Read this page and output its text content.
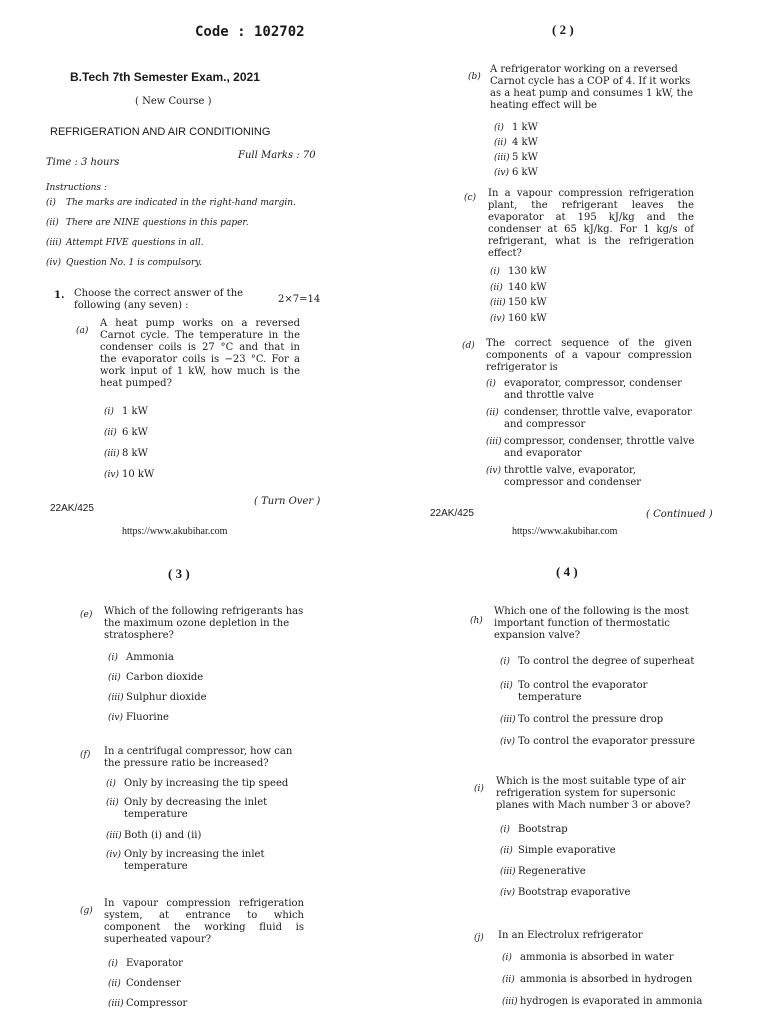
Code : 102702
B.Tech 7th Semester Exam., 2021
( New Course )
REFRIGERATION AND AIR CONDITIONING
Time : 3 hours
Full Marks : 70
Instructions :
(i) The marks are indicated in the right-hand margin.
(ii) There are NINE questions in this paper.
(iii) Attempt FIVE questions in all.
(iv) Question No. 1 is compulsory.
1. Choose the correct answer of the following (any seven) :
2×7=14
(a)
A heat pump works on a reversed Carnot cycle. The temperature in the condenser coils is 27 °C and that in the evaporator coils is −23 °C. For a work input of 1 kW, how much is the heat pumped?
(i) 1 kW
(ii) 6 kW
(iii) 8 kW
(iv) 10 kW
22AK/425
( Turn Over )
https://www.akubihar.com
( 2 )
(b)
A refrigerator working on a reversed Carnot cycle has a COP of 4. If it works as a heat pump and consumes 1 kW, the heating effect will be
(i) 1 kW
(ii) 4 kW
(iii) 5 kW
(iv) 6 kW
(c) In a vapour compression refrigeration plant, the refrigerant leaves the evaporator at 195 kJ/kg and the condenser at 65 kJ/kg. For 1 kg/s of refrigerant, what is the refrigeration effect?
(i) 130 kW
(ii) 140 kW
(iii) 150 kW
(iv) 160 kW
(d) The correct sequence of the given components of a vapour compression refrigerator is
(i) evaporator, compressor, condenser and throttle valve
(ii) condenser, throttle valve, evaporator and compressor
(iii) compressor, condenser, throttle valve and evaporator
(iv) throttle valve, evaporator, compressor and condenser
22AK/425	( Continued )
https://www.akubihar.com
( 3 )
(e) Which of the following refrigerants has the maximum ozone depletion in the stratosphere?
(i) Ammonia
(ii) Carbon dioxide
(iii) Sulphur dioxide
(iv) Fluorine
(f) In a centrifugal compressor, how can the pressure ratio be increased?
(i) Only by increasing the tip speed
(ii) Only by decreasing the inlet temperature
(iii) Both (i) and (ii)
(iv) Only by increasing the inlet temperature
(g)
In vapour compression refrigeration system, at entrance to which component the working fluid is superheated vapour?
(i) Evaporator
(ii) Condenser
(iii) Compressor
( 4 )
(h)
Which one of the following is the most important function of thermostatic expansion valve?
(i) To control the degree of superheat
(ii) To control the evaporator temperature
(iii) To control the pressure drop
(iv) To control the evaporator pressure
(i)
Which is the most suitable type of air refrigeration system for supersonic planes with Mach number 3 or above?
(i) Bootstrap
(ii) Simple evaporative
(iii) Regenerative
(iv) Bootstrap evaporative
(j) In an Electrolux refrigerator
(i) ammonia is absorbed in water
(ii) ammonia is absorbed in hydrogen
(iii) hydrogen is evaporated in ammonia
